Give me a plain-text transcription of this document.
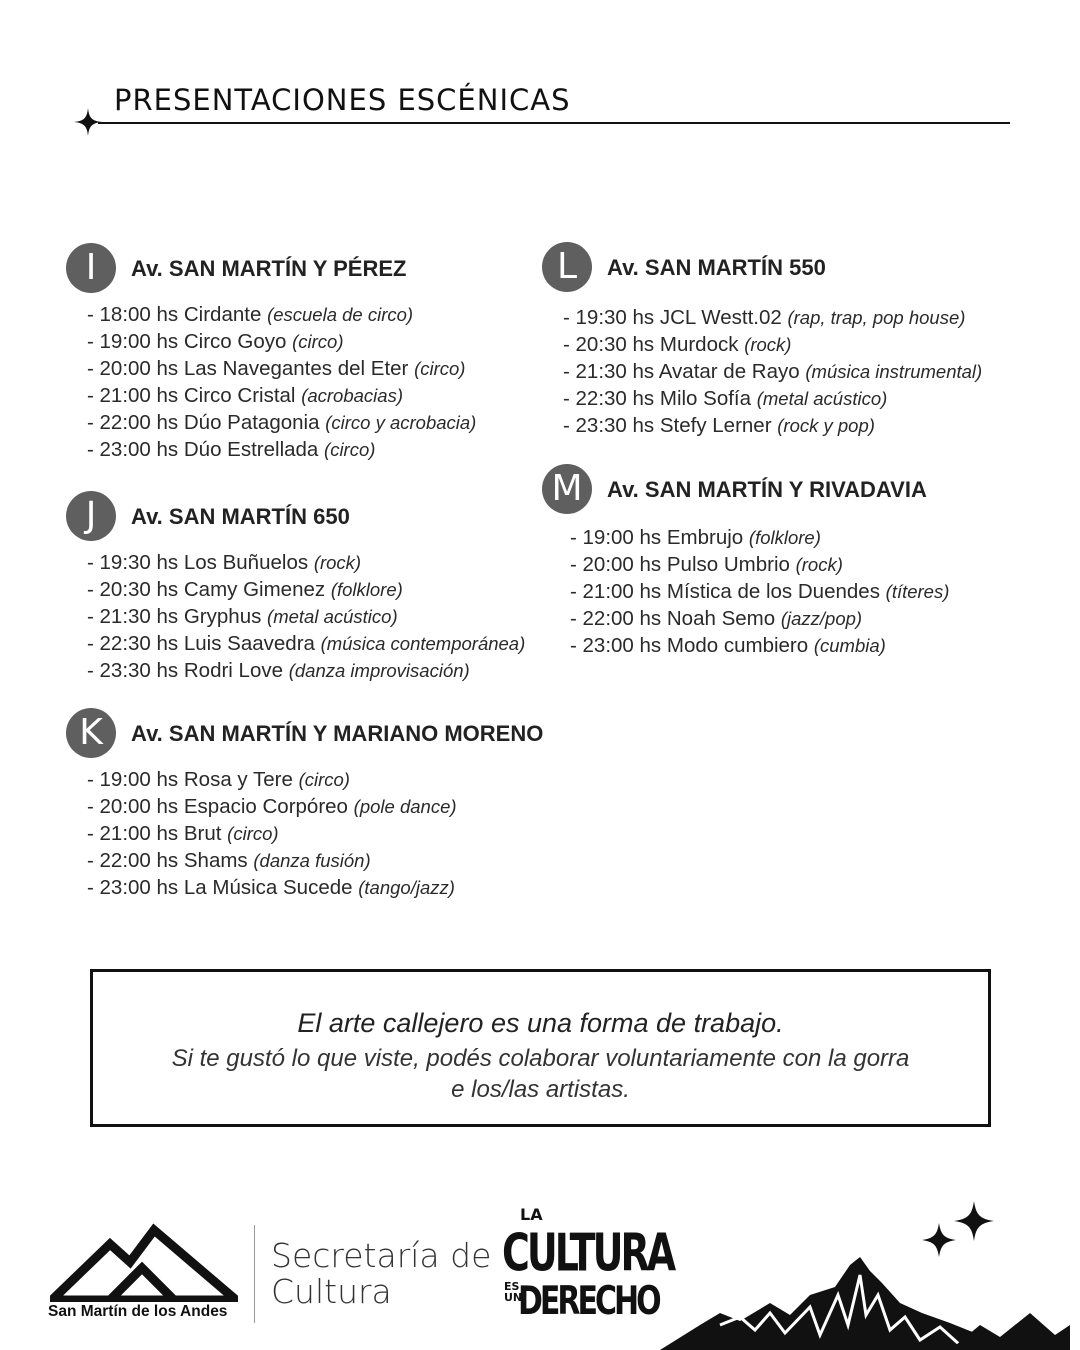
PRESENTACIONES ESCÉNICAS
I	Av. SAN MARTÍN Y PÉREZ
- 18:00 hs Cirdante (escuela de circo)
- 19:00 hs Circo Goyo (circo)
- 20:00 hs Las Navegantes del Eter (circo)
- 21:00 hs Circo Cristal (acrobacias)
- 22:00 hs Dúo Patagonia (circo y acrobacia)
- 23:00 hs Dúo Estrellada (circo)
J	Av. SAN MARTÍN 650
- 19:30 hs Los Buñuelos (rock)
- 20:30 hs Camy Gimenez (folklore)
- 21:30 hs Gryphus (metal acústico)
- 22:30 hs Luis Saavedra (música contemporánea)
- 23:30 hs Rodri Love (danza improvisación)
K	Av. SAN MARTÍN Y MARIANO MORENO
- 19:00 hs Rosa y Tere (circo)
- 20:00 hs Espacio Corpóreo (pole dance)
- 21:00 hs Brut (circo)
- 22:00 hs Shams (danza fusión)
- 23:00 hs La Música Sucede (tango/jazz)
L	Av. SAN MARTÍN 550
- 19:30 hs JCL Westt.02 (rap, trap, pop house)
- 20:30 hs Murdock (rock)
- 21:30 hs Avatar de Rayo (música instrumental)
- 22:30 hs Milo Sofía (metal acústico)
- 23:30 hs Stefy Lerner (rock y pop)
M	Av. SAN MARTÍN Y RIVADAVIA
- 19:00 hs Embrujo (folklore)
- 20:00 hs Pulso Umbrio (rock)
- 21:00 hs Mística de los Duendes (títeres)
- 22:00 hs Noah Semo (jazz/pop)
- 23:00 hs Modo cumbiero (cumbia)
El arte callejero es una forma de trabajo.
Si te gustó lo que viste, podés colaborar voluntariamente con la gorra
e los/las artistas.
San Martín de los Andes
Secretaría de
Cultura
LA
CULTURA
ES
UN
DERECHO
